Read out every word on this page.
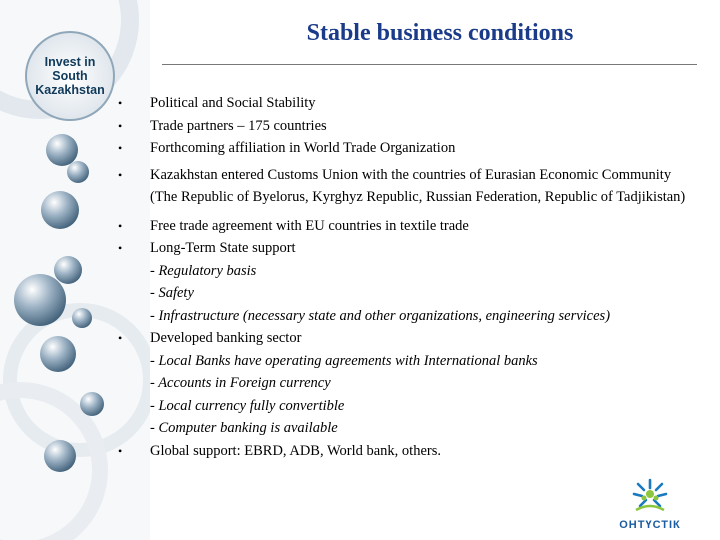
Invest in
South
Kazakhstan
Stable business conditions
• Political and Social Stability
• Trade partners – 175 countries
• Forthcoming affiliation in World Trade Organization
• Kazakhstan entered Customs Union with the countries of Eurasian Economic Community (The Republic of Byelorus, Kyrghyz Republic, Russian Federation, Republic of Tadjikistan)
• Free trade agreement with EU countries in textile trade
• Long-Term State support
- Regulatory basis
- Safety
- Infrastructure (necessary state and other organizations, engineering services)
• Developed banking sector
- Local Banks have operating agreements with International banks
- Accounts in Foreign currency
- Local currency fully convertible
- Computer banking is available
• Global support: EBRD, ADB, World bank, others.
ОНТҮСТІК
